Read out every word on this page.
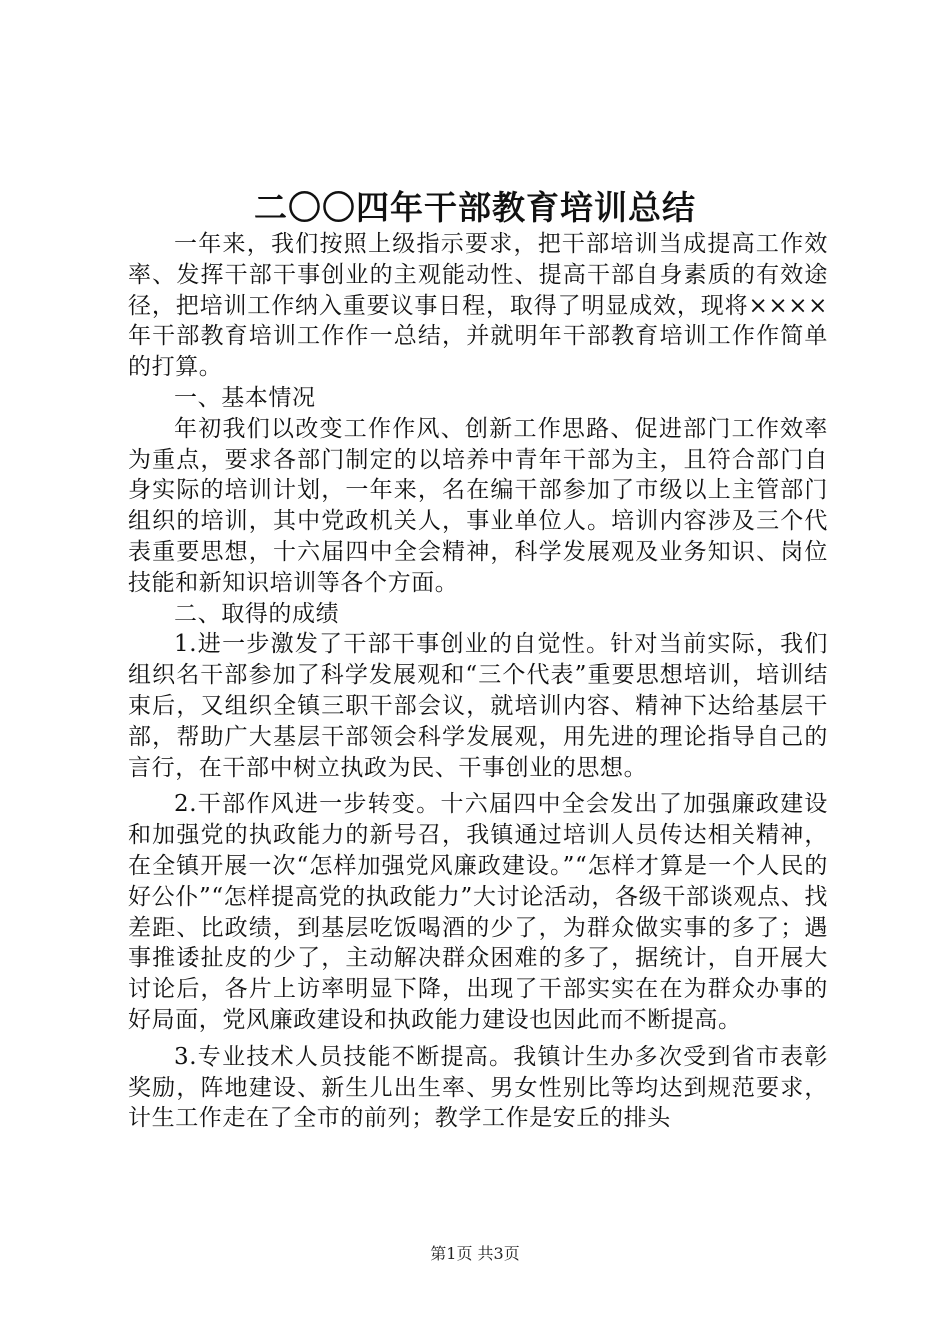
二〇〇四年干部教育培训总结

一年来，我们按照上级指示要求，把干部培训当成提高工作效率、发挥干部干事创业的主观能动性、提高干部自身素质的有效途径，把培训工作纳入重要议事日程，取得了明显成效，现将××××年干部教育培训工作作一总结，并就明年干部教育培训工作作简单的打算。

一、基本情况

年初我们以改变工作作风、创新工作思路、促进部门工作效率为重点，要求各部门制定的以培养中青年干部为主，且符合部门自身实际的培训计划，一年来，名在编干部参加了市级以上主管部门组织的培训，其中党政机关人，事业单位人。培训内容涉及三个代表重要思想，十六届四中全会精神，科学发展观及业务知识、岗位技能和新知识培训等各个方面。

二、取得的成绩

1.进一步激发了干部干事创业的自觉性。针对当前实际，我们组织名干部参加了科学发展观和“三个代表”重要思想培训，培训结束后，又组织全镇三职干部会议，就培训内容、精神下达给基层干部，帮助广大基层干部领会科学发展观，用先进的理论指导自己的言行，在干部中树立执政为民、干事创业的思想。

2.干部作风进一步转变。十六届四中全会发出了加强廉政建设和加强党的执政能力的新号召，我镇通过培训人员传达相关精神，在全镇开展一次“怎样加强党风廉政建设。”“怎样才算是一个人民的好公仆”“怎样提高党的执政能力”大讨论活动，各级干部谈观点、找差距、比政绩，到基层吃饭喝酒的少了，为群众做实事的多了；遇事推诿扯皮的少了，主动解决群众困难的多了，据统计，自开展大讨论后，各片上访率明显下降，出现了干部实实在在为群众办事的好局面，党风廉政建设和执政能力建设也因此而不断提高。

3.专业技术人员技能不断提高。我镇计生办多次受到省市表彰奖励，阵地建设、新生儿出生率、男女性别比等均达到规范要求，计生工作走在了全市的前列；教学工作是安丘的排头

第1页 共3页
